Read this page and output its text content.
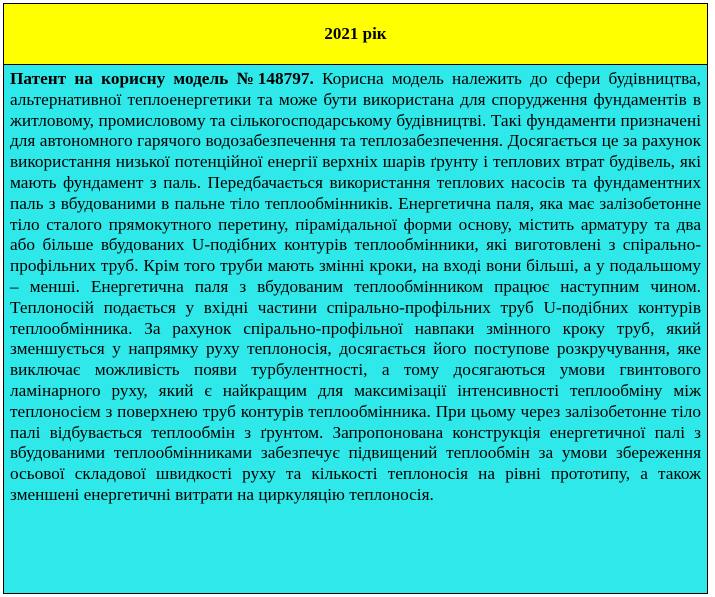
2021 рік
Патент на корисну модель №148797. Корисна модель належить до сфери будівництва, альтернативної теплоенергетики та може бути використана для спорудження фундаментів в житловому, промисловому та сількогосподарському будівництві. Такі фундаменти призначені для автономного гарячого водозабезпечення та теплозабезпечення. Досягається це за рахунок використання низької потенційної енергії верхніх шарів ґрунту і теплових втрат будівель, які мають фундамент з паль. Передбачається використання теплових насосів та фундаментних паль з вбудованими в пальне тіло теплообмінників. Енергетична паля, яка має залізобетонне тіло сталого прямокутного перетину, пірамідальної форми основу, містить арматуру та два або більше вбудованих U-подібних контурів теплообмінники, які виготовлені з спірально-профільних труб. Крім того труби мають змінні кроки, на вході вони більші, а у подальшому – менші. Енергетична паля з вбудованим теплообмінником працює наступним чином. Теплоносій подається у вхідні частини спірально-профільних труб U-подібних контурів теплообмінника. За рахунок спірально-профільної навпаки змінного кроку труб, який зменшується у напрямку руху теплоносія, досягається його поступове розкручування, яке виключає можливість появи турбулентності, а тому досягаються умови гвинтового ламінарного руху, який є найкращим для максимізації інтенсивності теплообміну між теплоносієм з поверхнею труб контурів теплообмінника. При цьому через залізобетонне тіло палі відбувається теплообмін з ґрунтом. Запропонована конструкція енергетичної палі з вбудованими теплообмінниками забезпечує підвищений теплообмін за умови збереження осьової складової швидкості руху та кількості теплоносія на рівні прототипу, а також зменшені енергетичні витрати на циркуляцію теплоносія.
